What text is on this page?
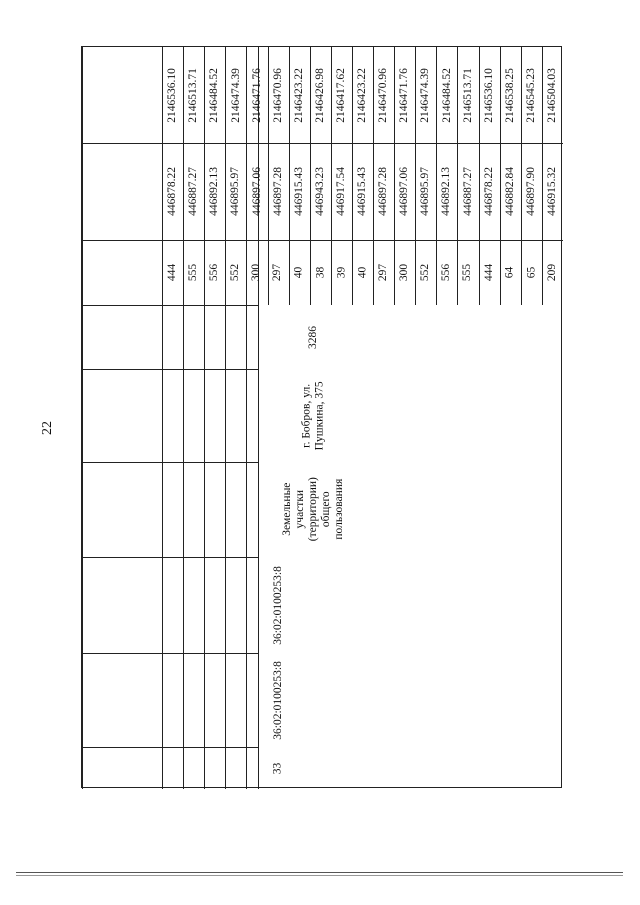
22
33
36:02:0100253:8
36:02:0100253:8
Земельные
участки
(территории)
общего
пользования
г. Бобров, ул.
Пушкина, 375
3286
444
446878.22
2146536.10
555
446887.27
2146513.71
556
446892.13
2146484.52
552
446895.97
2146474.39
300
446897.06
2146471.76
297
446897.28
2146470.96
40
446915.43
2146423.22
38
446943.23
2146426.98
39
446917.54
2146417.62
40
446915.43
2146423.22
297
446897.28
2146470.96
300
446897.06
2146471.76
552
446895.97
2146474.39
556
446892.13
2146484.52
555
446887.27
2146513.71
444
446878.22
2146536.10
64
446882.84
2146538.25
65
446897.90
2146545.23
209
446915.32
2146504.03
